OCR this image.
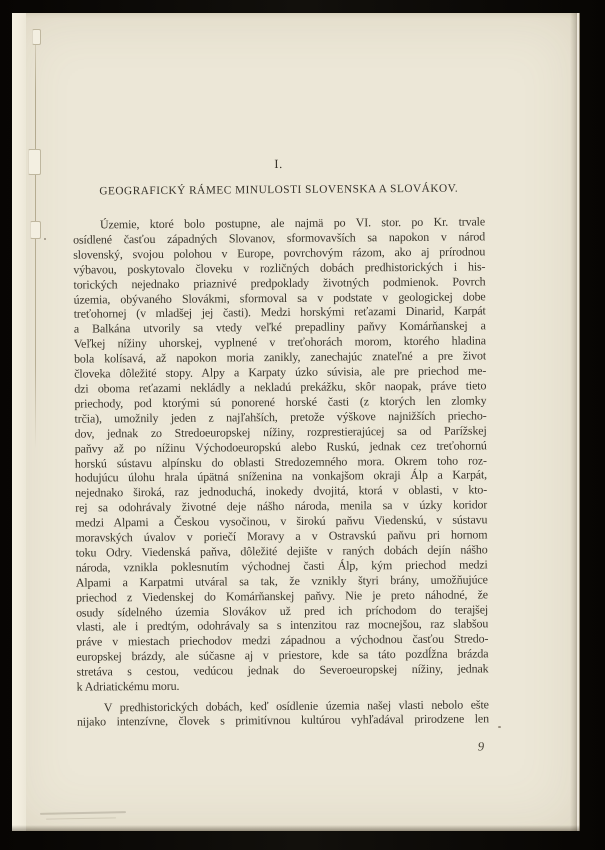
I.
GEOGRAFICKÝ RÁMEC MINULOSTI SLOVENSKA A SLOVÁKOV.
Územie, ktoré bolo postupne, ale najmä po VI. stor. po Kr. trvale
osídlené časťou západných Slovanov, sformovavších sa napokon v národ
slovenský, svojou polohou v Europe, povrchovým rázom, ako aj prírodnou
výbavou, poskytovalo človeku v rozličných dobách predhistorických i his-
torických nejednako priaznivé predpoklady životných podmienok. Povrch
územia, obývaného Slovákmi, sformoval sa v podstate v geologickej dobe
treťohornej (v mladšej jej časti). Medzi horskými reťazami Dinarid, Karpát
a Balkána utvorily sa vtedy veľké prepadliny paňvy Komárňanskej a
Veľkej nížiny uhorskej, vyplnené v treťohorách morom, ktorého hladina
bola kolísavá, až napokon moria zanikly, zanechajúc znateľné a pre život
človeka dôležité stopy. Alpy a Karpaty úzko súvisia, ale pre priechod me-
dzi oboma reťazami nekládly a nekladú prekážku, skôr naopak, práve tieto
priechody, pod ktorými sú ponorené horské časti (z ktorých len zlomky
trčia), umožnily jeden z najľahších, pretože výškove najnižších priecho-
dov, jednak zo Stredoeuropskej nížiny, rozprestierajúcej sa od Parížskej
paňvy až po nížinu Východoeuropskú alebo Ruskú, jednak cez treťohornú
horskú sústavu alpínsku do oblasti Stredozemného mora. Okrem toho roz-
hodujúcu úlohu hrala úpätná sníženina na vonkajšom okraji Álp a Karpát,
nejednako široká, raz jednoduchá, inokedy dvojitá, ktorá v oblasti, v kto-
rej sa odohrávaly životné deje nášho národa, menila sa v úzky koridor
medzi Alpami a Českou vysočinou, v širokú paňvu Viedenskú, v sústavu
moravských úvalov v poriečí Moravy a v Ostravskú paňvu pri hornom
toku Odry. Viedenská paňva, dôležité dejište v raných dobách dejín nášho
národa, vznikla poklesnutím východnej časti Álp, kým priechod medzi
Alpami a Karpatmi utváral sa tak, že vznikly štyri brány, umožňujúce
priechod z Viedenskej do Komárňanskej paňvy. Nie je preto náhodné, že
osudy sídelného územia Slovákov už pred ich príchodom do terajšej
vlasti, ale i predtým, odohrávaly sa s intenzitou raz mocnejšou, raz slabšou
práve v miestach priechodov medzi západnou a východnou časťou Stredo-
europskej brázdy, ale súčasne aj v priestore, kde sa táto pozdĺžna brázda
stretáva s cestou, vedúcou jednak do Severoeuropskej nížiny, jednak
k Adriatickému moru.
V predhistorických dobách, keď osídlenie územia našej vlasti nebolo ešte
nijako intenzívne, človek s primitívnou kultúrou vyhľadával prirodzene len
9
